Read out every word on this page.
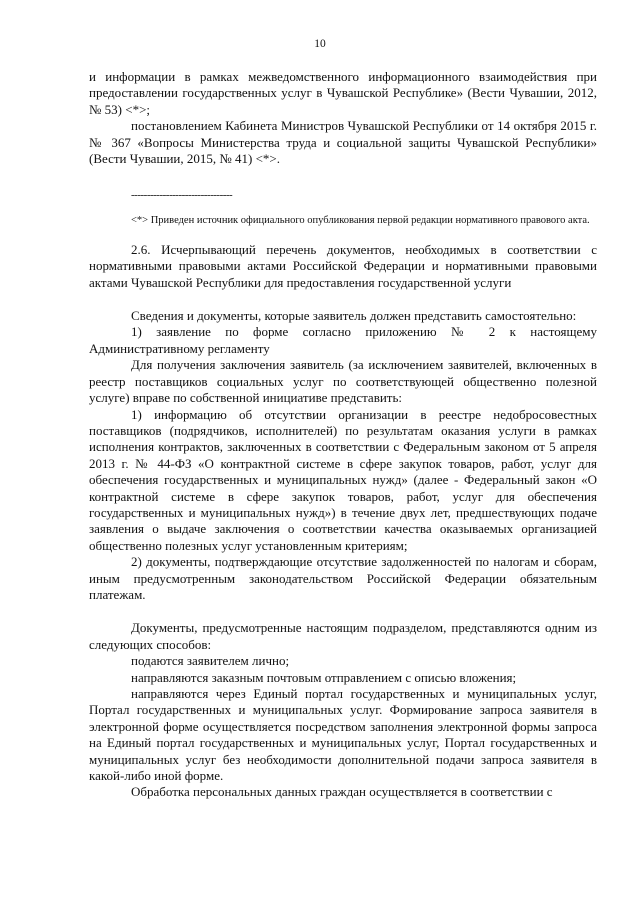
10

и информации в рамках межведомственного информационного взаимодействия при предоставлении государственных услуг в Чувашской Республике» (Вести Чувашии, 2012, № 53) <*>;

постановлением Кабинета Министров Чувашской Республики от 14 октября 2015 г. № 367 «Вопросы Министерства труда и социальной защиты Чувашской Республики» (Вести Чувашии, 2015, № 41) <*>.

--------------------------------

<*> Приведен источник официального опубликования первой редакции нормативного правового акта.

2.6. Исчерпывающий перечень документов, необходимых в соответствии с нормативными правовыми актами Российской Федерации и нормативными правовыми актами Чувашской Республики для предоставления государственной услуги

Сведения и документы, которые заявитель должен представить самостоятельно:

1) заявление по форме согласно приложению № 2 к настоящему Административному регламенту

Для получения заключения заявитель (за исключением заявителей, включенных в реестр поставщиков социальных услуг по соответствующей общественно полезной услуге) вправе по собственной инициативе представить:

1) информацию об отсутствии организации в реестре недобросовестных поставщиков (подрядчиков, исполнителей) по результатам оказания услуги в рамках исполнения контрактов, заключенных в соответствии с Федеральным законом от 5 апреля 2013 г. № 44-ФЗ «О контрактной системе в сфере закупок товаров, работ, услуг для обеспечения государственных и муниципальных нужд» (далее - Федеральный закон «О контрактной системе в сфере закупок товаров, работ, услуг для обеспечения государственных и муниципальных нужд») в течение двух лет, предшествующих подаче заявления о выдаче заключения о соответствии качества оказываемых организацией общественно полезных услуг установленным критериям;

2) документы, подтверждающие отсутствие задолженностей по налогам и сборам, иным предусмотренным законодательством Российской Федерации обязательным платежам.

Документы, предусмотренные настоящим подразделом, представляются одним из следующих способов:

подаются заявителем лично;

направляются заказным почтовым отправлением с описью вложения;

направляются через Единый портал государственных и муниципальных услуг, Портал государственных и муниципальных услуг. Формирование запроса заявителя в электронной форме осуществляется посредством заполнения электронной формы запроса на Единый портал государственных и муниципальных услуг, Портал государственных и муниципальных услуг без необходимости дополнительной подачи запроса заявителя в какой-либо иной форме.

Обработка персональных данных граждан осуществляется в соответствии с
